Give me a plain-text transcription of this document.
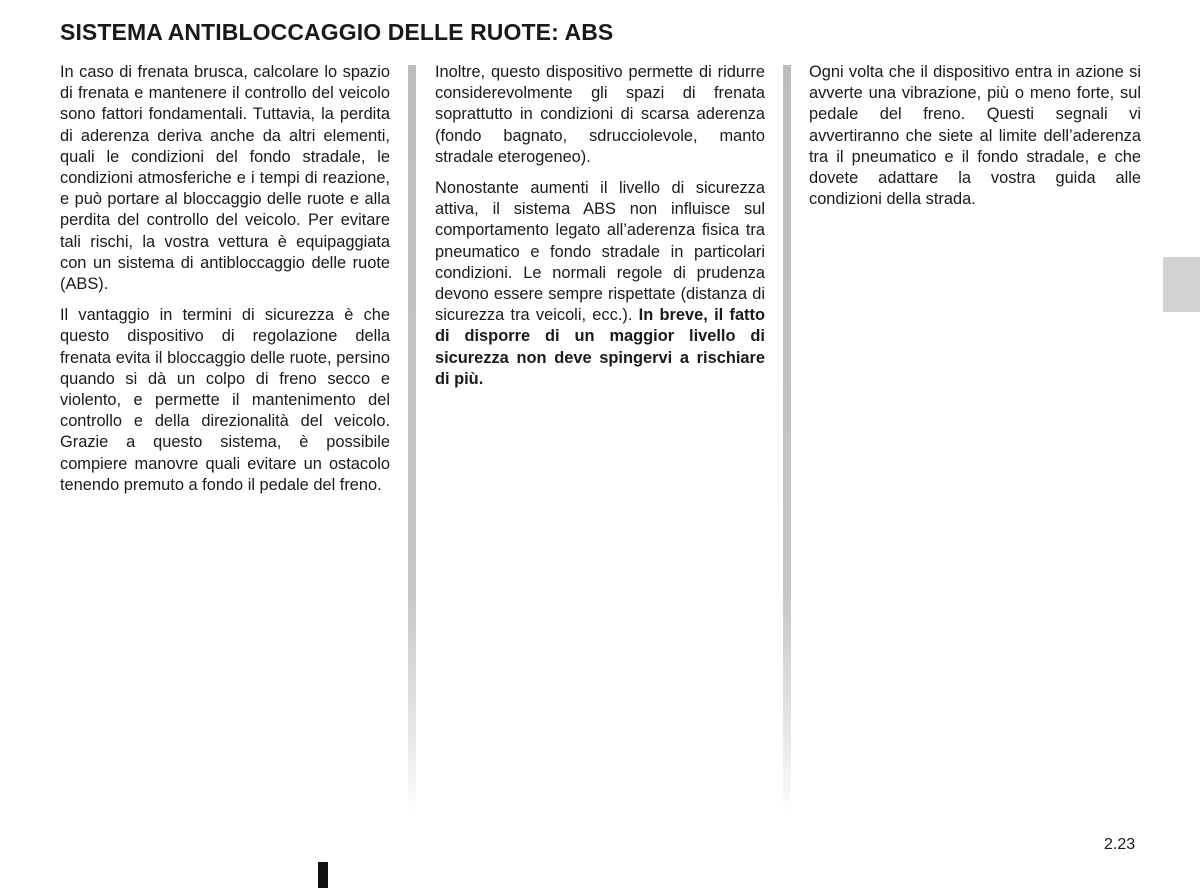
SISTEMA ANTIBLOCCAGGIO DELLE RUOTE: ABS

In caso di frenata brusca, calcolare lo spazio di frenata e mantenere il controllo del veicolo sono fattori fondamentali. Tuttavia, la perdita di aderenza deriva anche da altri elementi, quali le condizioni del fondo stradale, le condizioni atmosferiche e i tempi di reazione, e può portare al bloccaggio delle ruote e alla perdita del controllo del veicolo. Per evitare tali rischi, la vostra vettura è equipaggiata con un sistema di antibloccaggio delle ruote (ABS).

Il vantaggio in termini di sicurezza è che questo dispositivo di regolazione della frenata evita il bloccaggio delle ruote, persino quando si dà un colpo di freno secco e violento, e permette il mantenimento del controllo e della direzionalità del veicolo. Grazie a questo sistema, è possibile compiere manovre quali evitare un ostacolo tenendo premuto a fondo il pedale del freno.

Inoltre, questo dispositivo permette di ridurre considerevolmente gli spazi di frenata soprattutto in condizioni di scarsa aderenza (fondo bagnato, sdrucciolevole, manto stradale eterogeneo).

Nonostante aumenti il livello di sicurezza attiva, il sistema ABS non influisce sul comportamento legato all’aderenza fisica tra pneumatico e fondo stradale in particolari condizioni. Le normali regole di prudenza devono essere sempre rispettate (distanza di sicurezza tra veicoli, ecc.). In breve, il fatto di disporre di un maggior livello di sicurezza non deve spingervi a rischiare di più.

Ogni volta che il dispositivo entra in azione si avverte una vibrazione, più o meno forte, sul pedale del freno. Questi segnali vi avvertiranno che siete al limite dell’aderenza tra il pneumatico e il fondo stradale, e che dovete adattare la vostra guida alle condizioni della strada.

2.23
